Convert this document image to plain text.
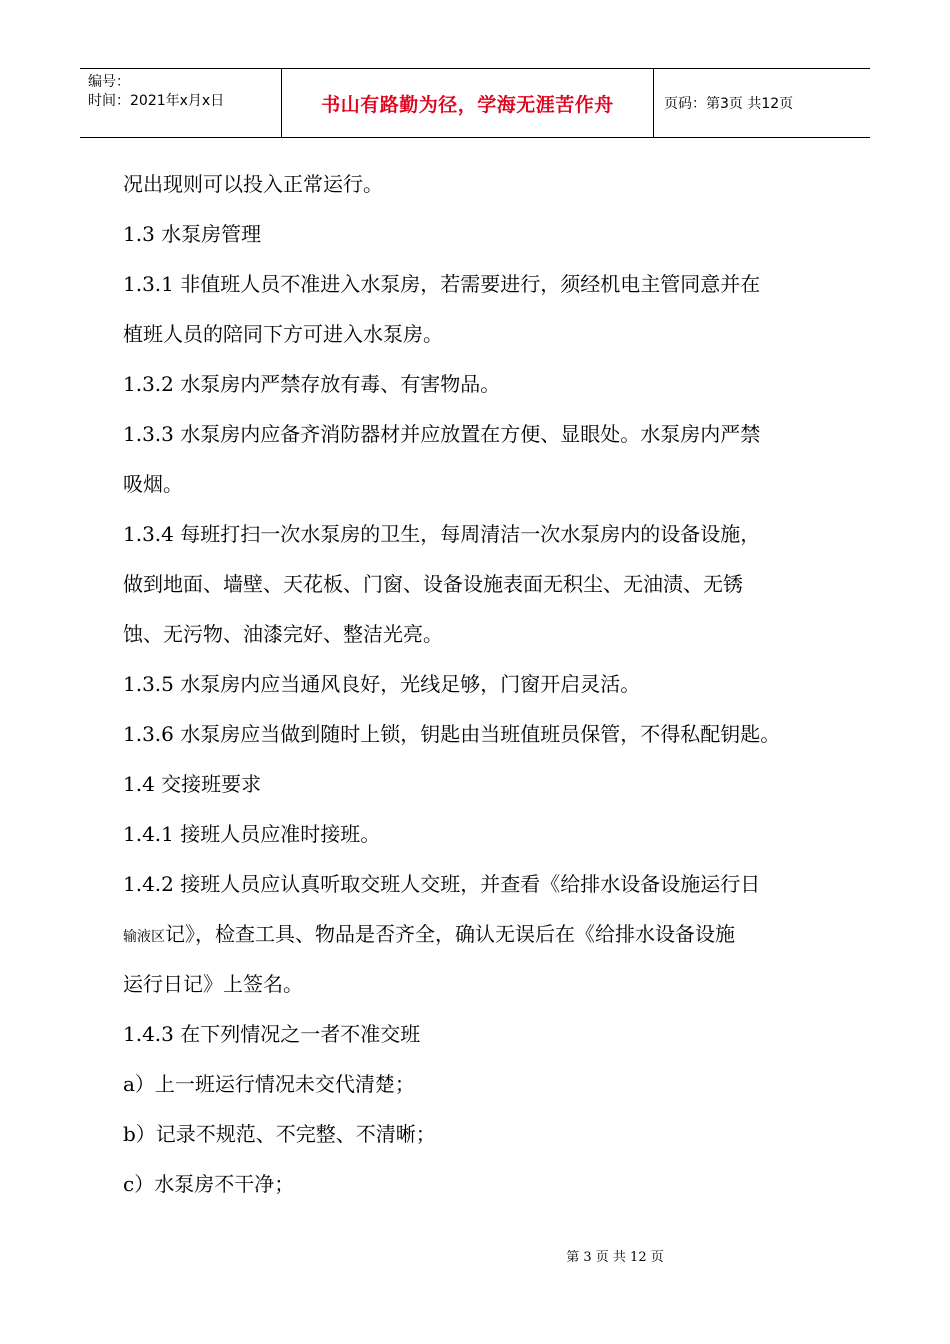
编号：
时间：2021年x月x日	书山有路勤为径，学海无涯苦作舟	页码：第3页 共12页

况出现则可以投入正常运行。

1.3 水泵房管理

1.3.1 非值班人员不准进入水泵房，若需要进行，须经机电主管同意并在

植班人员的陪同下方可进入水泵房。

1.3.2 水泵房内严禁存放有毒、有害物品。

1.3.3 水泵房内应备齐消防器材并应放置在方便、显眼处。水泵房内严禁

吸烟。

1.3.4 每班打扫一次水泵房的卫生，每周清洁一次水泵房内的设备设施，

做到地面、墙壁、天花板、门窗、设备设施表面无积尘、无油渍、无锈

蚀、无污物、油漆完好、整洁光亮。

1.3.5 水泵房内应当通风良好，光线足够，门窗开启灵活。

1.3.6 水泵房应当做到随时上锁，钥匙由当班值班员保管，不得私配钥匙。

1.4 交接班要求

1.4.1 接班人员应准时接班。

1.4.2 接班人员应认真听取交班人交班，并查看《给排水设备设施运行日

输液区记》，检查工具、物品是否齐全，确认无误后在《给排水设备设施

运行日记》上签名。

1.4.3 在下列情况之一者不准交班

a）上一班运行情况未交代清楚；

b）记录不规范、不完整、不清晰；

c）水泵房不干净；

第 3 页 共 12 页
